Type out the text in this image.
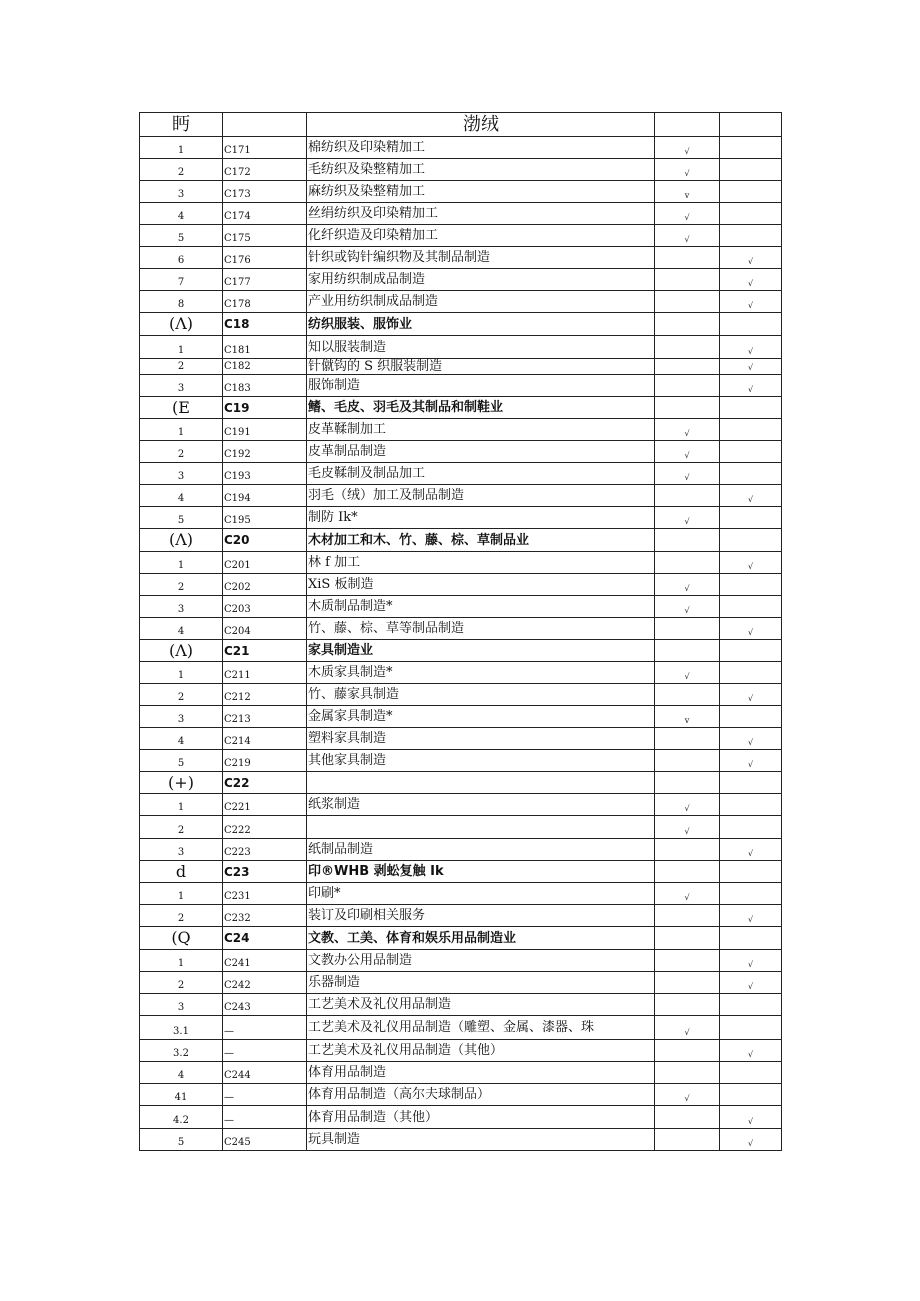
眄		渤绒		
1	C171	棉纺织及印染精加工	√	
2	C172	毛纺织及染整精加工	√	
3	C173	麻纺织及染整精加工	v	
4	C174	丝绢纺织及印染精加工	√	
5	C175	化纤织造及印染精加工	√	
6	C176	针织或钩针编织物及其制品制造		√
7	C177	家用纺织制成品制造		√
8	C178	产业用纺织制成品制造		√
(Λ)	C18	纺织服装、服饰业		
1	C181	知以服装制造		√
2	C182	针僦钩的 S 织服装制造		√
3	C183	服饰制造		√
(E	C19	鳍、毛皮、羽毛及其制品和制鞋业		
1	C191	皮革鞣制加工	√	
2	C192	皮革制品制造	√	
3	C193	毛皮鞣制及制品加工	√	
4	C194	羽毛（绒）加工及制品制造		√
5	C195	制防 Ik*	√	
(Λ)	C20	木材加工和木、竹、藤、棕、草制品业		
1	C201	林 f 加工		√
2	C202	XiS 板制造	√	
3	C203	木质制品制造*	√	
4	C204	竹、藤、棕、草等制品制造		√
(Λ)	C21	家具制造业		
1	C211	木质家具制造*	√	
2	C212	竹、藤家具制造		√
3	C213	金属家具制造*	v	
4	C214	塑料家具制造		√
5	C219	其他家具制造		√
(+)	C22			
1	C221	纸浆制造	√	
2	C222		√	
3	C223	纸制品制造		√
d	C23	印®WHB 剥蚣复触 Ik		
1	C231	印刷*	√	
2	C232	装订及印刷相关服务		√
(Q	C24	文教、工美、体育和娱乐用品制造业		
1	C241	文教办公用品制造		√
2	C242	乐器制造		√
3	C243	工艺美术及礼仪用品制造		
3.1	—	工艺美术及礼仪用品制造（雕塑、金属、漆器、珠	√	
3.2	—	工艺美术及礼仪用品制造（其他）		√
4	C244	体育用品制造		
41	—	体育用品制造（高尔夫球制品）	√	
4.2	—	体育用品制造（其他）		√
5	C245	玩具制造		√
